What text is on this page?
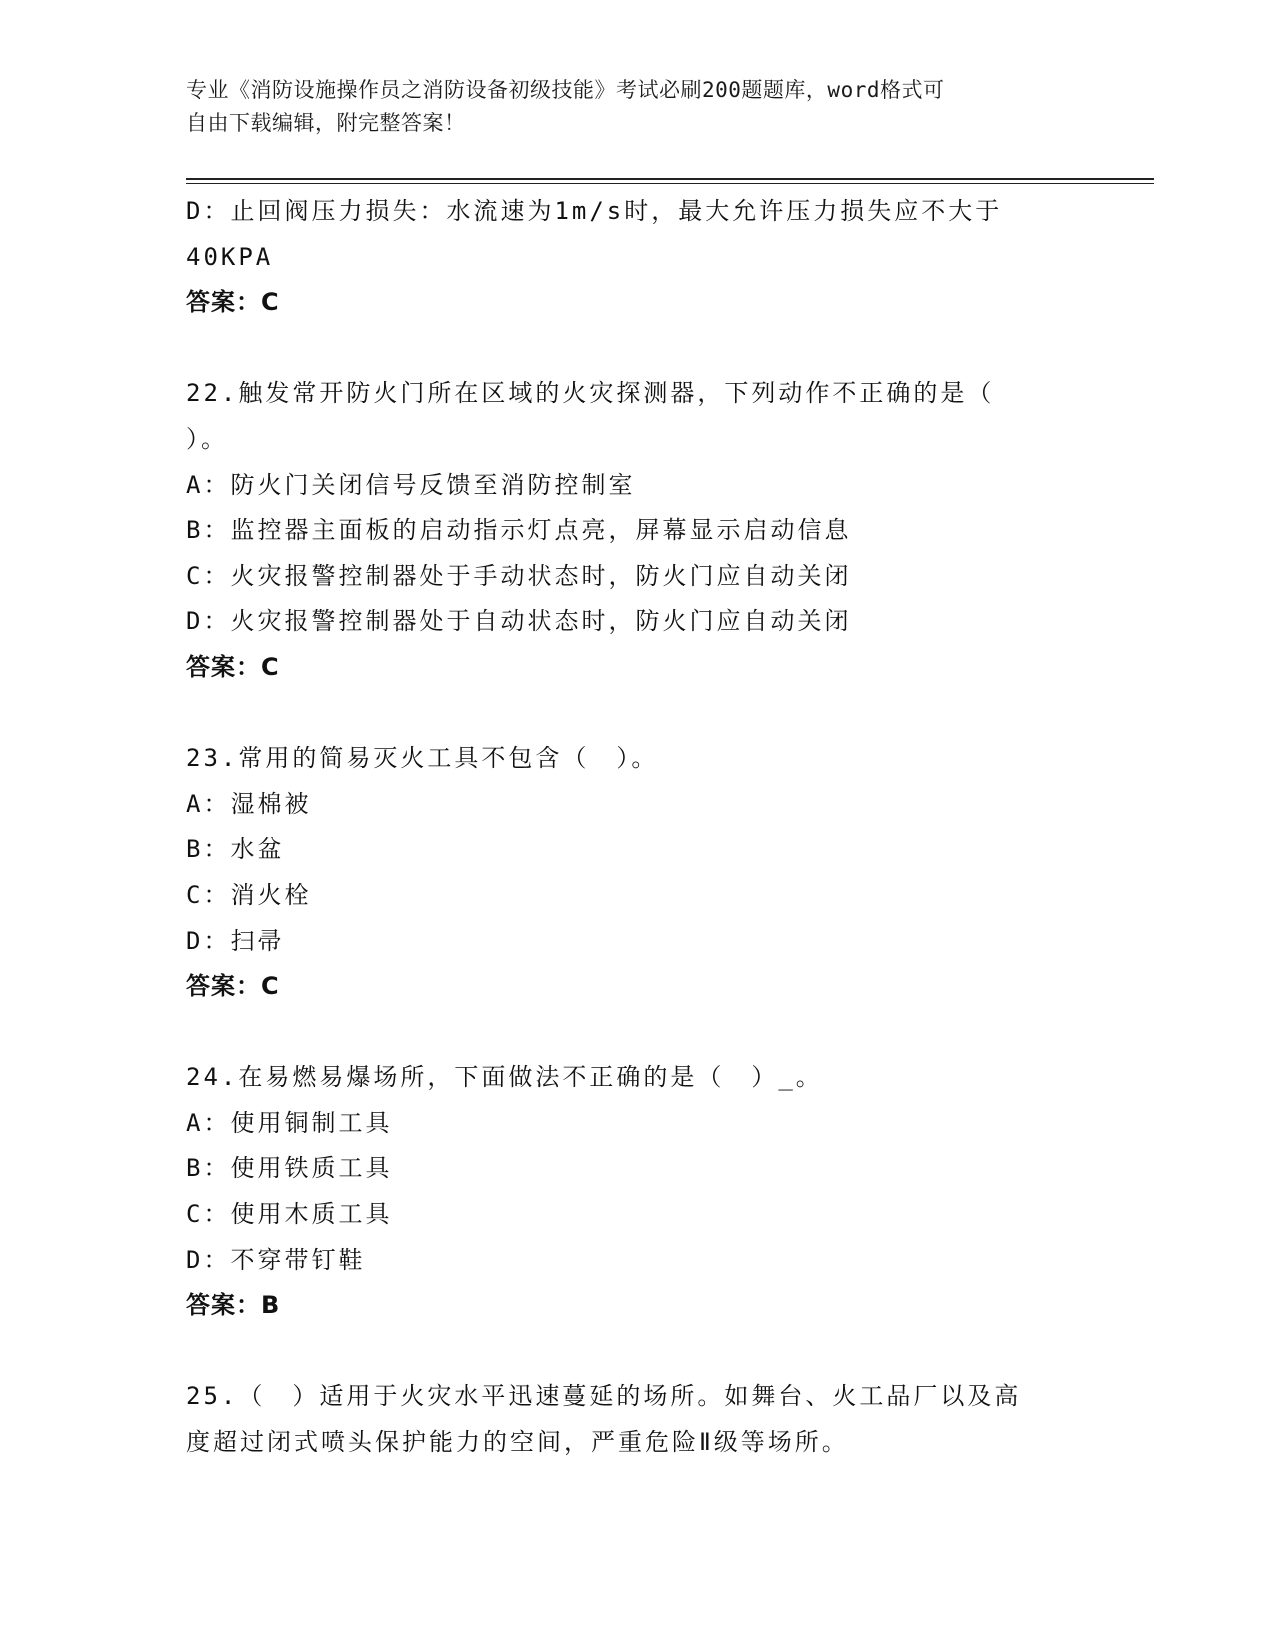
专业《消防设施操作员之消防设备初级技能》考试必刷200题题库，word格式可
自由下载编辑，附完整答案！
D：止回阀压力损失：水流速为1m/s时，最大允许压力损失应不大于
40KPA
答案：C
22.触发常开防火门所在区域的火灾探测器，下列动作不正确的是（
）。
A：防火门关闭信号反馈至消防控制室
B：监控器主面板的启动指示灯点亮，屏幕显示启动信息
C：火灾报警控制器处于手动状态时，防火门应自动关闭
D：火灾报警控制器处于自动状态时，防火门应自动关闭
答案：C
23.常用的简易灭火工具不包含（　）。
A：湿棉被
B：水盆
C：消火栓
D：扫帚
答案：C
24.在易燃易爆场所，下面做法不正确的是（　）_。
A：使用铜制工具
B：使用铁质工具
C：使用木质工具
D：不穿带钉鞋
答案：B
25.（　）适用于火灾水平迅速蔓延的场所。如舞台、火工品厂以及高
度超过闭式喷头保护能力的空间，严重危险Ⅱ级等场所。
